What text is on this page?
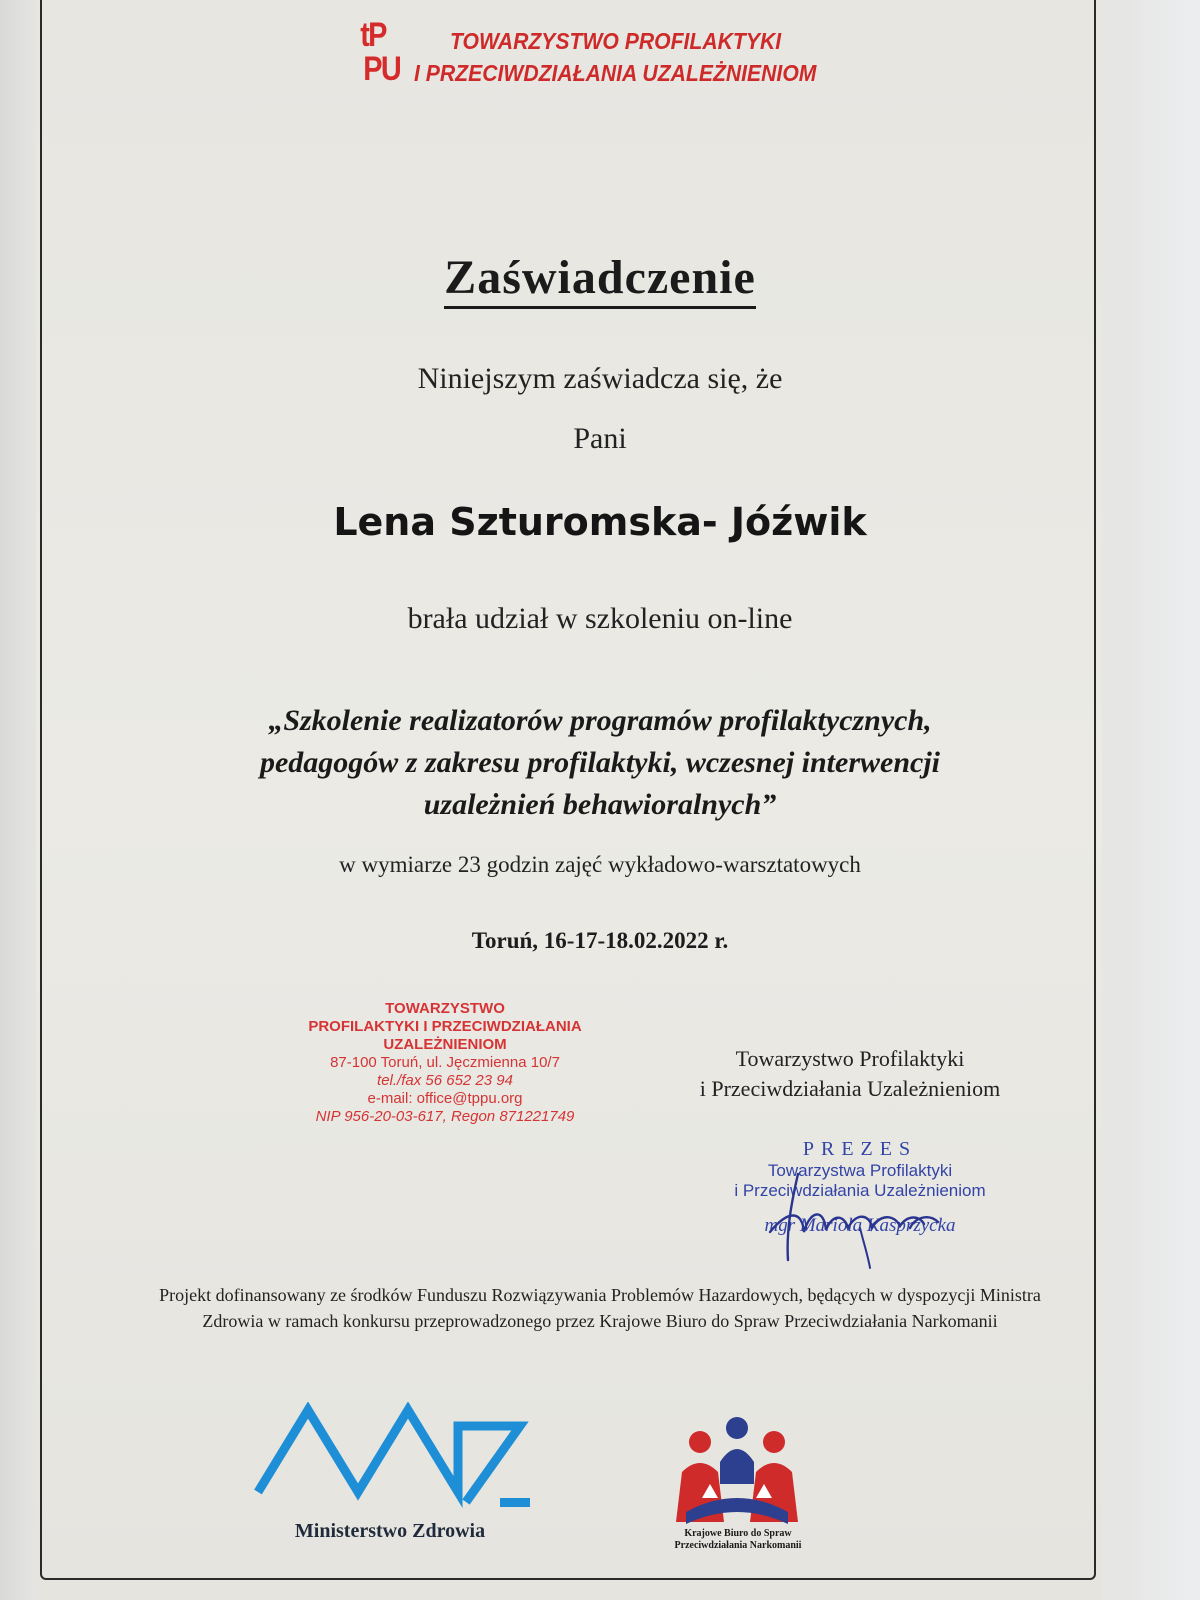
tP
PU
TOWARZYSTWO PROFILAKTYKI
I PRZECIWDZIAŁANIA UZALEŻNIENIOM
Zaświadczenie
Niniejszym zaświadcza się, że
Pani
Lena Szturomska- Jóźwik
brała udział w szkoleniu on-line
„Szkolenie realizatorów programów profilaktycznych,
pedagogów z zakresu profilaktyki, wczesnej interwencji
uzależnień behawioralnych”
w wymiarze 23 godzin zajęć wykładowo-warsztatowych
Toruń, 16-17-18.02.2022 r.
TOWARZYSTWO
PROFILAKTYKI I PRZECIWDZIAŁANIA
UZALEŻNIENIOM
87-100 Toruń, ul. Jęczmienna 10/7
tel./fax 56 652 23 94
e-mail: office@tppu.org
NIP 956-20-03-617, Regon 871221749
Towarzystwo Profilaktyki
i Przeciwdziałania Uzależnieniom
PREZES
Towarzystwa Profilaktyki
i Przeciwdziałania Uzależnieniom
mgr Mariola Kasprzycka
Projekt dofinansowany ze środków Funduszu Rozwiązywania Problemów Hazardowych, będących w dyspozycji Ministra
Zdrowia w ramach konkursu przeprowadzonego przez Krajowe Biuro do Spraw Przeciwdziałania Narkomanii
Ministerstwo Zdrowia	Krajowe Biuro do Spraw
Przeciwdziałania Narkomanii
